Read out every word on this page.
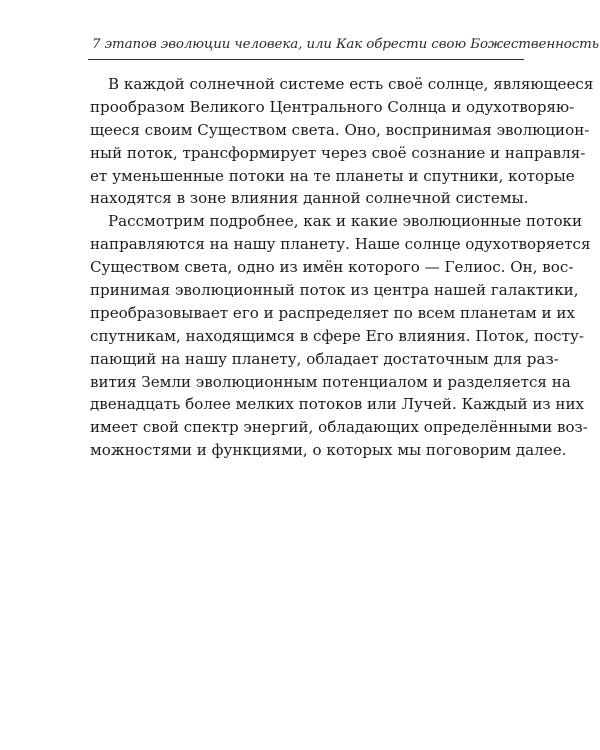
7 этапов эволюции человека, или Как обрести свою Божественность
В каждой солнечной системе есть своё солнце, являющееся
прообразом Великого Центрального Солнца и одухотворяю-
щееся своим Существом света. Оно, воспринимая эволюцион-
ный поток, трансформирует через своё сознание и направля-
ет уменьшенные потоки на те планеты и спутники, которые
находятся в зоне влияния данной солнечной системы.
Рассмотрим подробнее, как и какие эволюционные потоки
направляются на нашу планету. Наше солнце одухотворяется
Существом света, одно из имён которого — Гелиос. Он, вос-
принимая эволюционный поток из центра нашей галактики,
преобразовывает его и распределяет по всем планетам и их
спутникам, находящимся в сфере Его влияния. Поток, посту-
пающий на нашу планету, обладает достаточным для раз-
вития Земли эволюционным потенциалом и разделяется на
двенадцать более мелких потоков или Лучей. Каждый из них
имеет свой спектр энергий, обладающих определёнными воз-
можностями и функциями, о которых мы поговорим далее.
